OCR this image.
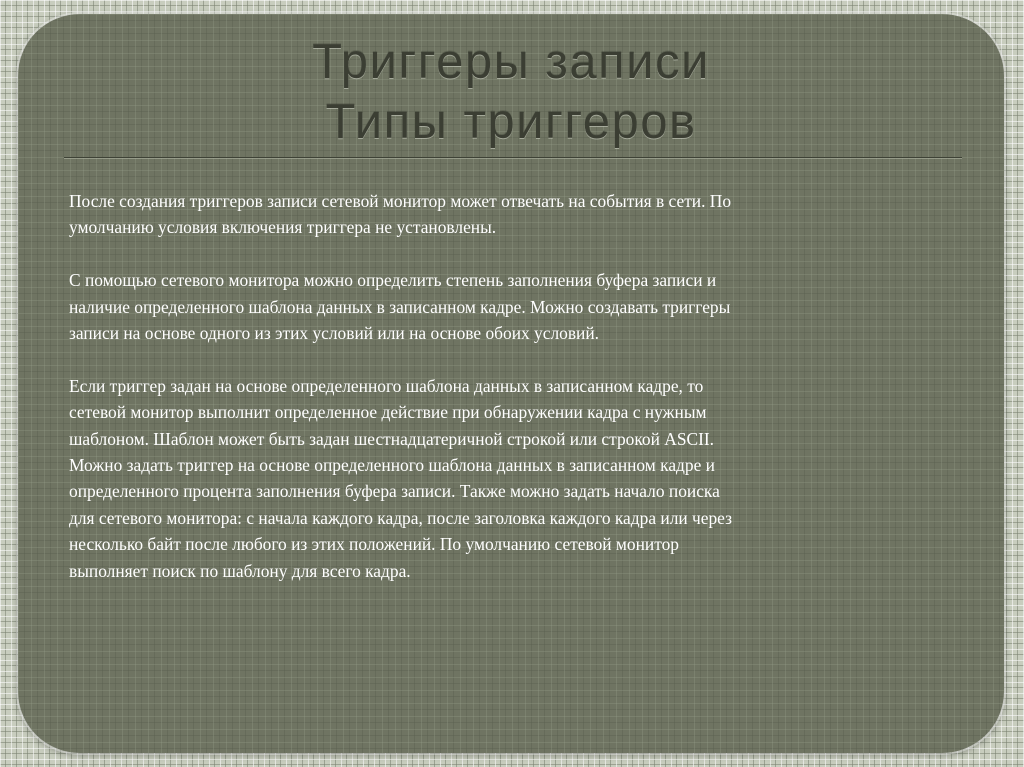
Триггеры записи
Типы триггеров

После создания триггеров записи сетевой монитор может отвечать на события в сети. По
умолчанию условия включения триггера не установлены.

С помощью сетевого монитора можно определить степень заполнения буфера записи и
наличие определенного шаблона данных в записанном кадре. Можно создавать триггеры
записи на основе одного из этих условий или на основе обоих условий.

Если триггер задан на основе определенного шаблона данных в записанном кадре, то
сетевой монитор выполнит определенное действие при обнаружении кадра с нужным
шаблоном. Шаблон может быть задан шестнадцатеричной строкой или строкой ASCII.
Можно задать триггер на основе определенного шаблона данных в записанном кадре и
определенного процента заполнения буфера записи. Также можно задать начало поиска
для сетевого монитора: с начала каждого кадра, после заголовка каждого кадра или через
несколько байт после любого из этих положений. По умолчанию сетевой монитор
выполняет поиск по шаблону для всего кадра.
